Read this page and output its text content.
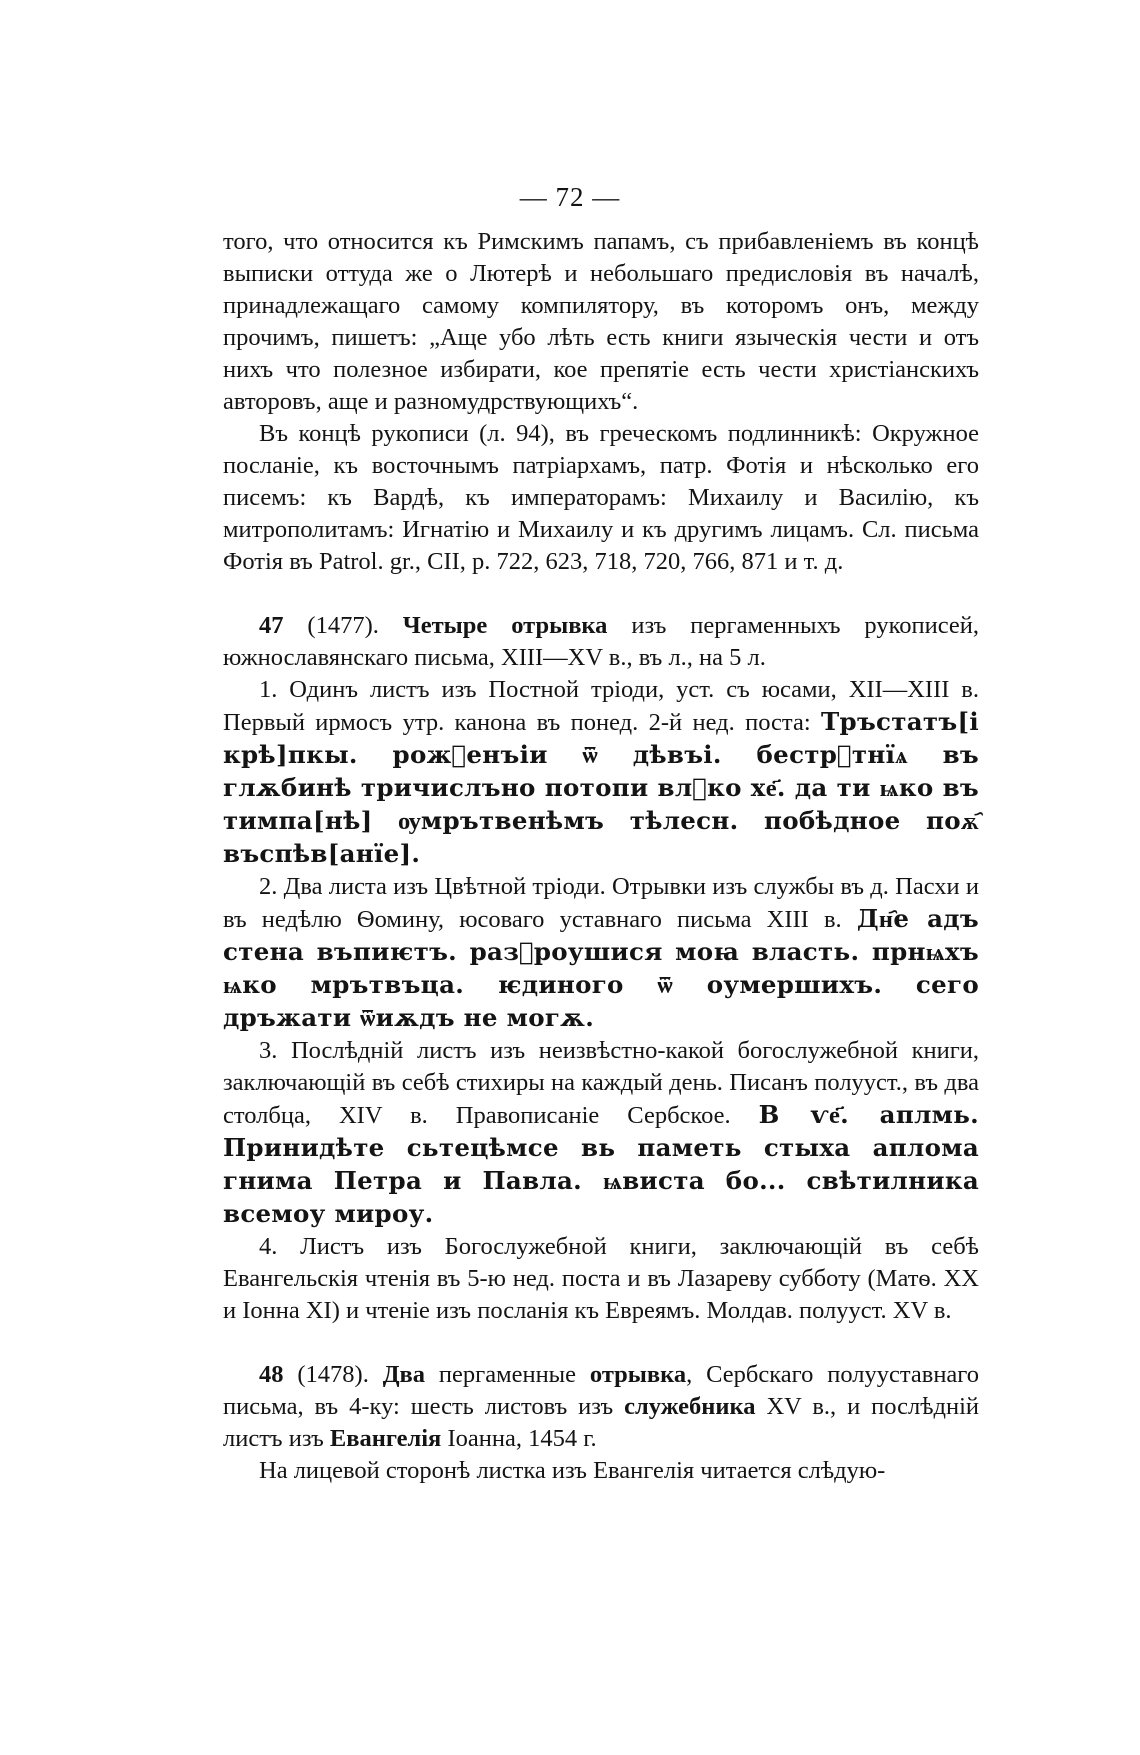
— 72 —

того, что относится къ Римскимъ папамъ, съ прибавленіемъ въ концѣ выписки оттуда же о Лютерѣ и небольшаго предисловія въ началѣ, принадлежащаго самому компилятору, въ которомъ онъ, между прочимъ, пишетъ: „Аще убо лѣть есть книги языческія чести и отъ нихъ что полезное избирати, кое препятіе есть чести христіанскихъ авторовъ, аще и разномудрствующихъ“.

Въ концѣ рукописи (л. 94), въ греческомъ подлинникѣ: Окружное посланіе, къ восточнымъ патріархамъ, патр. Фотія и нѣсколько его писемъ: къ Вардѣ, къ императорамъ: Михаилу и Василію, къ митрополитамъ: Игнатію и Михаилу и къ другимъ лицамъ. Сл. письма Фотія въ Patrol. gr., CII, p. 722, 623, 718, 720, 766, 871 и т. д.

47 (1477). Четыре отрывка изъ пергаменныхъ рукописей, южнославянскаго письма, XIII—XV в., въ л., на 5 л.

1. Одинъ листъ изъ Постной тріоди, уст. съ юсами, XII—XIII в. Первый ирмосъ утр. канона въ понед. 2-й нед. поста: Тръстатъ[і крѣ]пкы. рожⷣенъіи ѿ дѣвъі. бестрⷮтнїѧ въ глѫбинѣ тричислъно потопи влⷣко хе҃. да ти ѩко въ тимпа[нѣ] ѹмрътвенѣмъ тѣлесн. побѣдное поѫ҄ въспѣв[анїе].

2. Два листа изъ Цвѣтной тріоди. Отрывки изъ службы въ д. Пасхи и въ недѣлю Ѳомину, юсоваго уставнаго письма XIII в. Дн҄е адъ стена въпиѥтъ. разⷪроушися моꙗ власть. прнѩхъ ѩко мрътвъца. ѥдиного ѿ оумершихъ. сего дръжати ѿиѫдъ не могѫ.

3. Послѣдній листъ изъ неизвѣстно-какой богослужебной книги, заключающій въ себѣ стихиры на каждый день. Писанъ полууст., въ два столбца, XIV в. Правописаніе Сербское. В ѵе҃. аплмь. Принидѣте сьтецѣмсе вь паметь стыха аплома гнима Петра и Павла. ѩвиста бо... свѣтилника всемоу мироу.

4. Листъ изъ Богослужебной книги, заключающій въ себѣ Евангельскія чтенія въ 5-ю нед. поста и въ Лазареву субботу (Матѳ. XX и Іонна XI) и чтеніе изъ посланія къ Евреямъ. Молдав. полууст. XV в.

48 (1478). Два пергаменные отрывка, Сербскаго полууставнаго письма, въ 4-ку: шесть листовъ изъ служебника XV в., и послѣдній листъ изъ Евангелія Іоанна, 1454 г.

На лицевой сторонѣ листка изъ Евангелія читается слѣдую-
